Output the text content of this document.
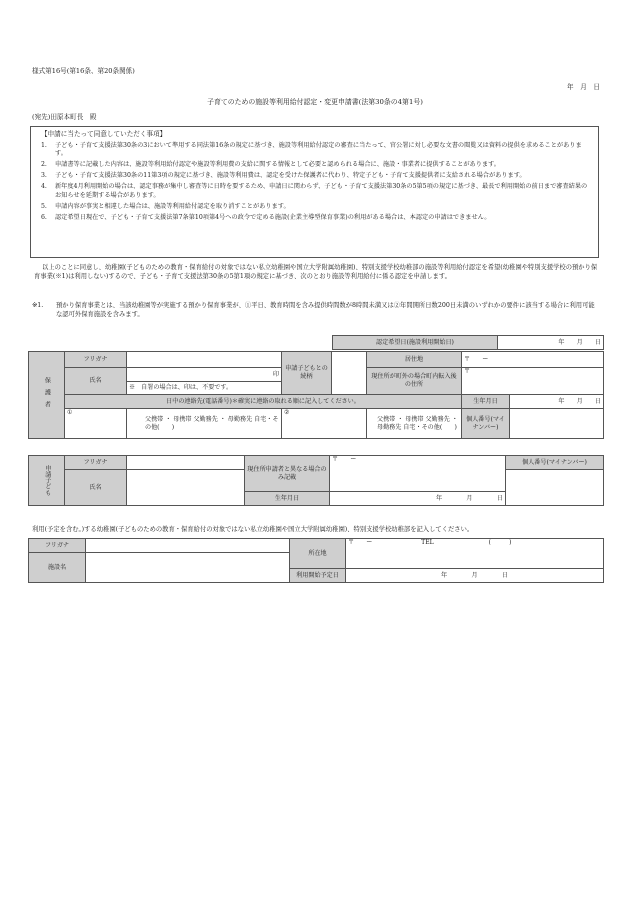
様式第16号(第16条、第20条関係)
年　月　日
子育てのための施設等利用給付認定・変更申請書(法第30条の4第1号)
(宛先)田原本町長　殿
【申請に当たって同意していただく事項】
1.	子ども・子育て支援法第30条の3において準用する同法第16条の規定に基づき、施設等利用給付認定の審査に当たって、官公署に対し必要な文書の閲覧又は資料の提供を求めることがあります。
2.	申請書等に記載した内容は、施設等利用給付認定や施設等利用費の支給に関する情報として必要と認められる場合に、施設・事業者に提供することがあります。
3.	子ども・子育て支援法第30条の11第3項の規定に基づき、施設等利用費は、認定を受けた保護者に代わり、特定子ども・子育て支援提供者に支給される場合があります。
4.	新年度4月利用開始の場合は、認定事務が集中し審査等に日時を要するため、申請日に関わらず、子ども・子育て支援法第30条の5第5項の規定に基づき、最長で利用開始の前日まで審査結果のお知らせを延期する場合があります。
5.	申請内容が事実と相違した場合は、施設等利用給付認定を取り消すことがあります。
6.	認定希望日現在で、子ども・子育て支援法第7条第10項第4号への政令で定める施設(企業主導型保育事業)の利用がある場合は、本認定の申請はできません。
以上のことに同意し、幼稚園(子どものための教育・保育給付の対象ではない私立幼稚園や国立大学附属幼稚園)、特別支援学校幼稚部の施設等利用給付認定を希望(幼稚園や特別支援学校の預かり保育事業(※1)は利用しない)するので、子ども・子育て支援法第30条の5第1項の規定に基づき、次のとおり施設等利用給付に係る認定を申請します。
※1.	預かり保育事業とは、当該幼稚園等が実施する預かり保育事業が、①平日、教育時間を含み提供時間数が8時間未満又は②年間開所日数200日未満のいずれかの要件に該当する場合に利用可能な認可外保育施設を含みます。
認定希望日(施設利用開始日)	年　　月　　日
保護者	フリガナ		申請子どもとの続柄		居住地	〒　　ー	
	氏名	印			現住所が町外の場合町内転入後の住所	〒	
		※　自署の場合は、印は、不要です。					
	日中の連絡先(電話番号)＊確実に連絡の取れる順に記入してください。					生年月日	年　　月　　日
	①	父携帯 ・ 母携帯 父勤務先 ・ 母勤務先 自宅・その他(　　)	②		父携帯 ・ 母携帯 父勤務先 ・ 母勤務先 自宅・その他(　　)	個人番号(マイナンバー)	
申請子ども	フリガナ		現住所申請者と異なる場合のみ記載	〒　　ー	個人番号(マイナンバー)
	氏名				
			生年月日	年　　　　月　　　　日	
利用(予定を含む。)する幼稚園(子どものための教育・保育給付の対象ではない私立幼稚園や国立大学附属幼稚園)、特別支援学校幼稚部を記入してください。
フリガナ		所在地	〒　　ー　　　　　　　　TEL　　　　　　　　　(　　　)
施設名			
		利用開始予定日	年　　　　月　　　　日
